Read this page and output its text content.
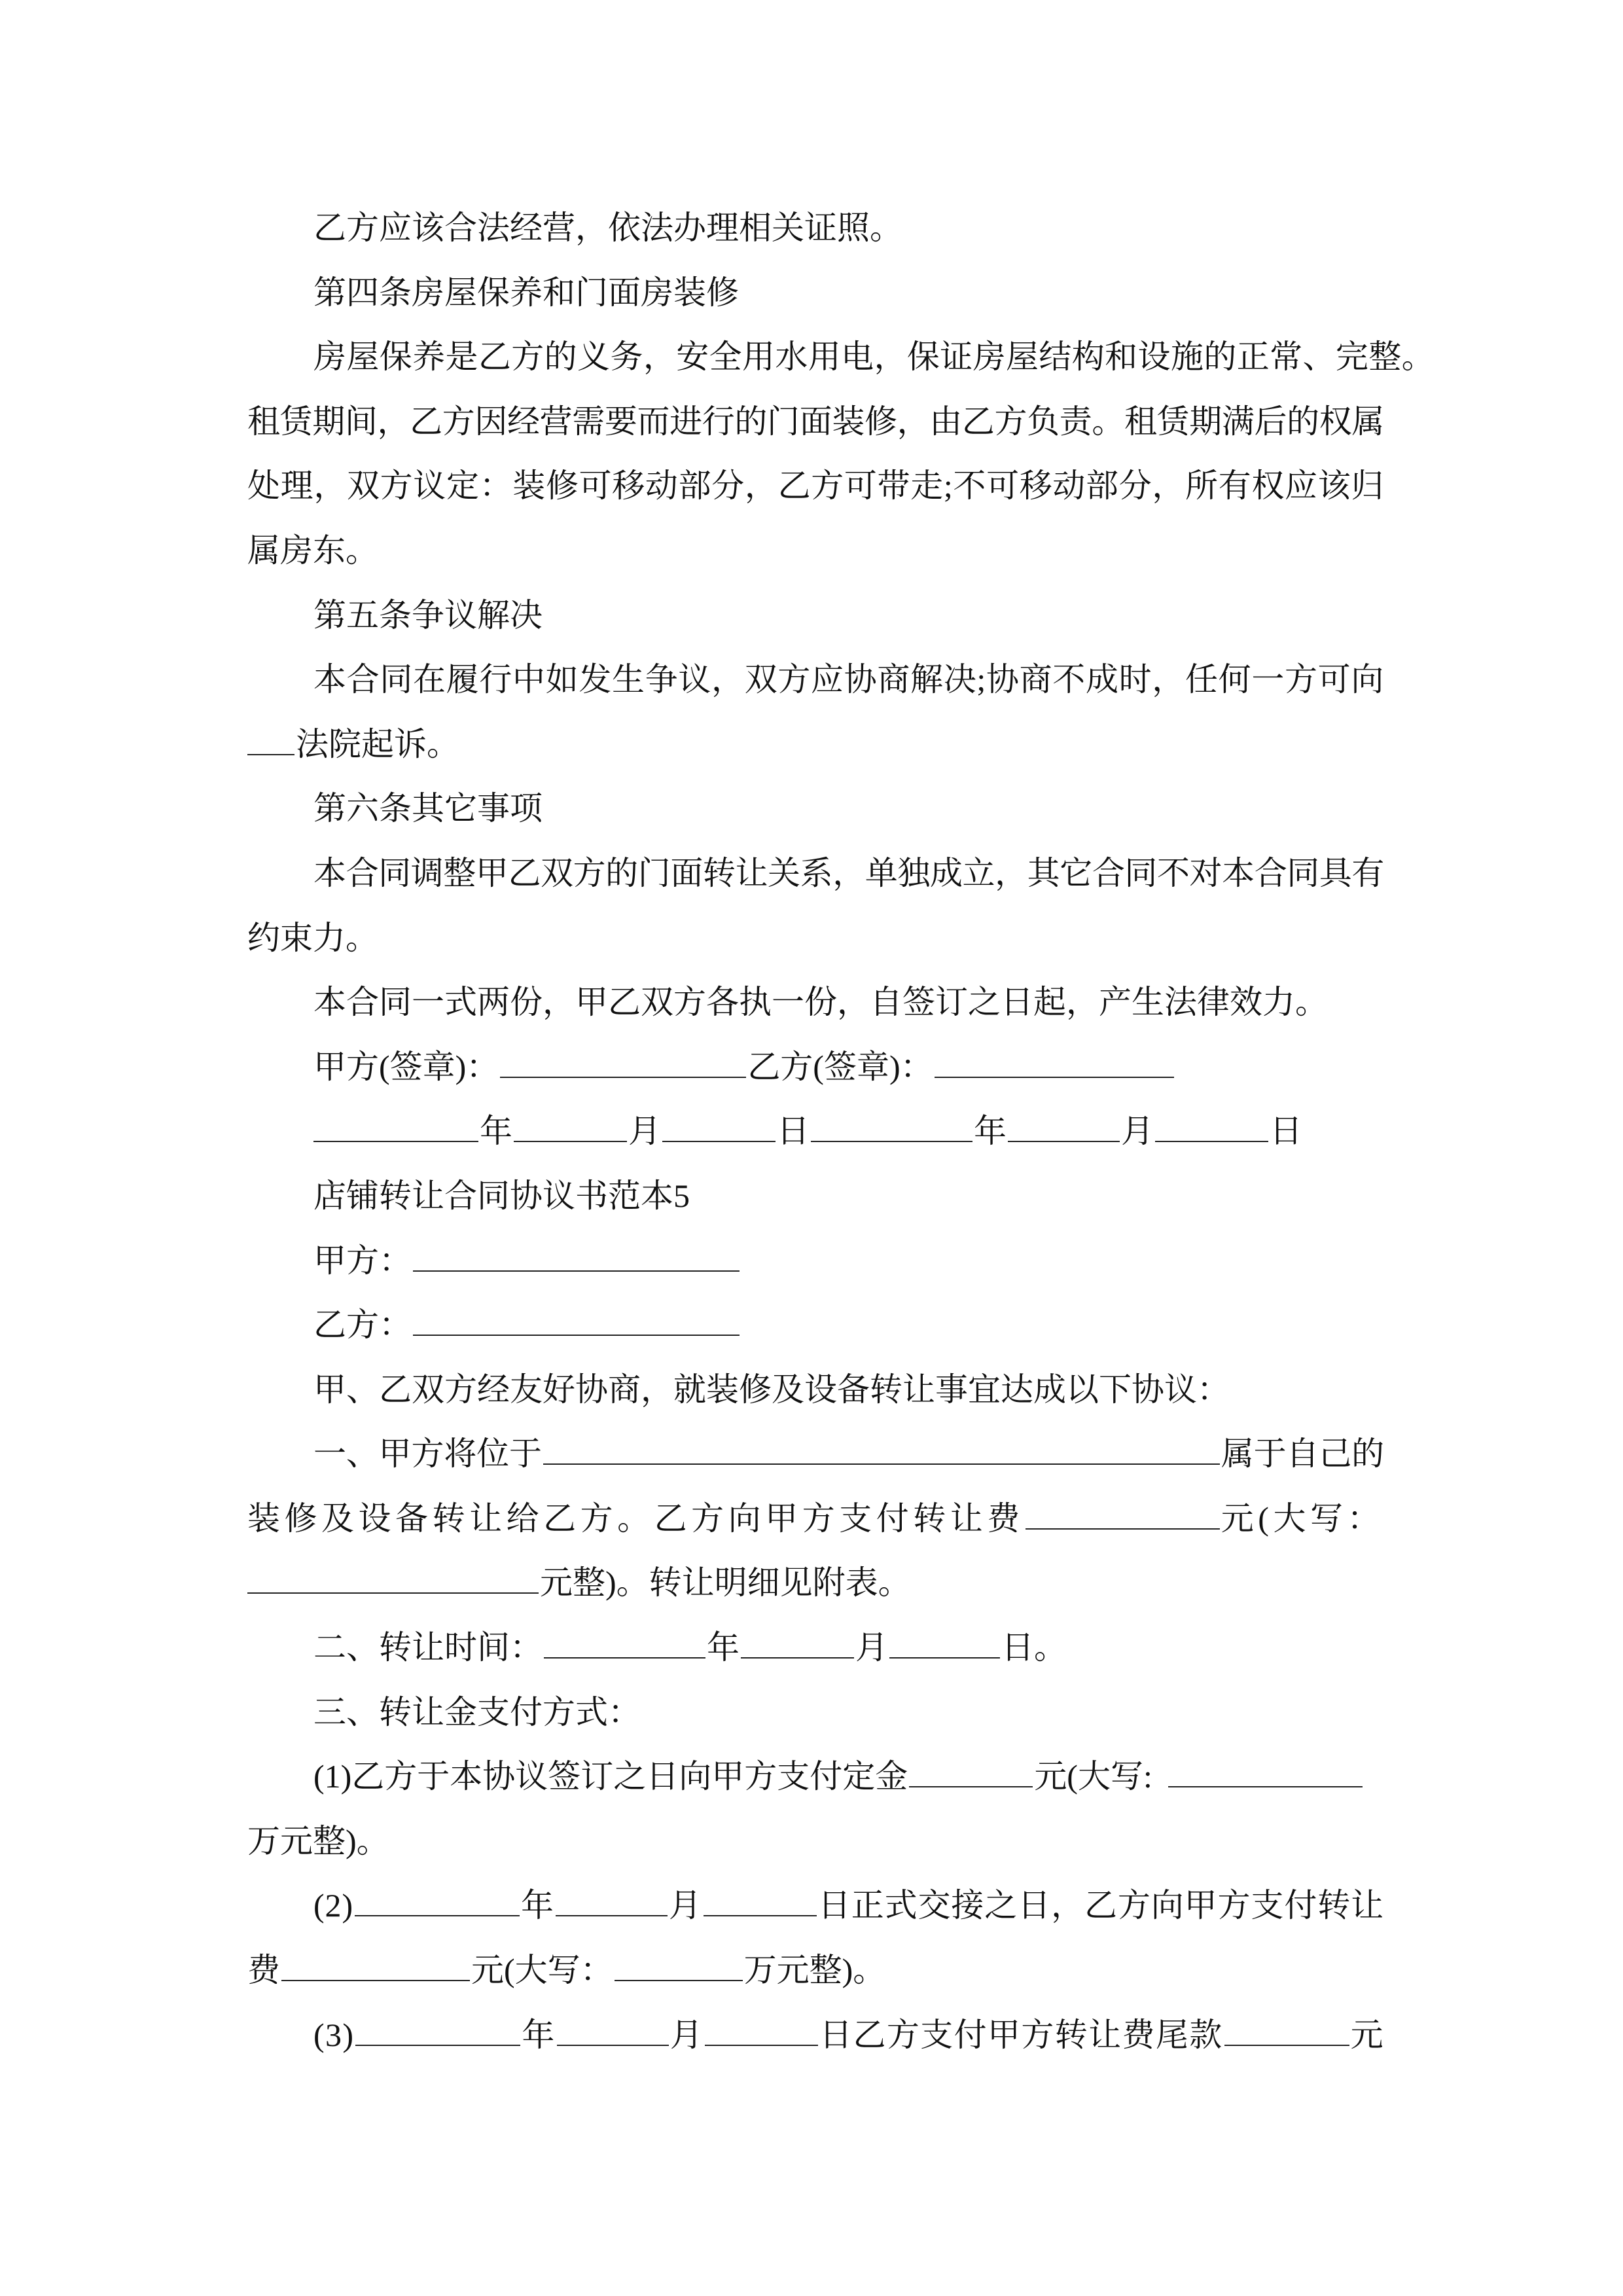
乙方应该合法经营，依法办理相关证照。
第四条房屋保养和门面房装修
房屋保养是乙方的义务，安全用水用电，保证房屋结构和设施的正常、完整。
租赁期间，乙方因经营需要而进行的门面装修，由乙方负责。租赁期满后的权属
处理，双方议定：装修可移动部分，乙方可带走;不可移动部分，所有权应该归
属房东。
第五条争议解决
本合同在履行中如发生争议，双方应协商解决;协商不成时，任何一方可向
法院起诉。
第六条其它事项
本合同调整甲乙双方的门面转让关系，单独成立，其它合同不对本合同具有
约束力。
本合同一式两份，甲乙双方各执一份，自签订之日起，产生法律效力。
甲方(签章)：	乙方(签章)：
年	月	日	年	月	日
店铺转让合同协议书范本5
甲方：
乙方：
甲、乙双方经友好协商，就装修及设备转让事宜达成以下协议：
一、甲方将位于	属于自己的
装修及设备转让给乙方。乙方向甲方支付转让费	元(大写：
元整)。转让明细见附表。
二、转让时间：	年	月	日。
三、转让金支付方式：
(1)乙方于本协议签订之日向甲方支付定金	元(大写:
万元整)。
(2)	年	月	日正式交接之日，乙方向甲方支付转让
费	元(大写：	万元整)。
(3)	年	月	日乙方支付甲方转让费尾款	元
